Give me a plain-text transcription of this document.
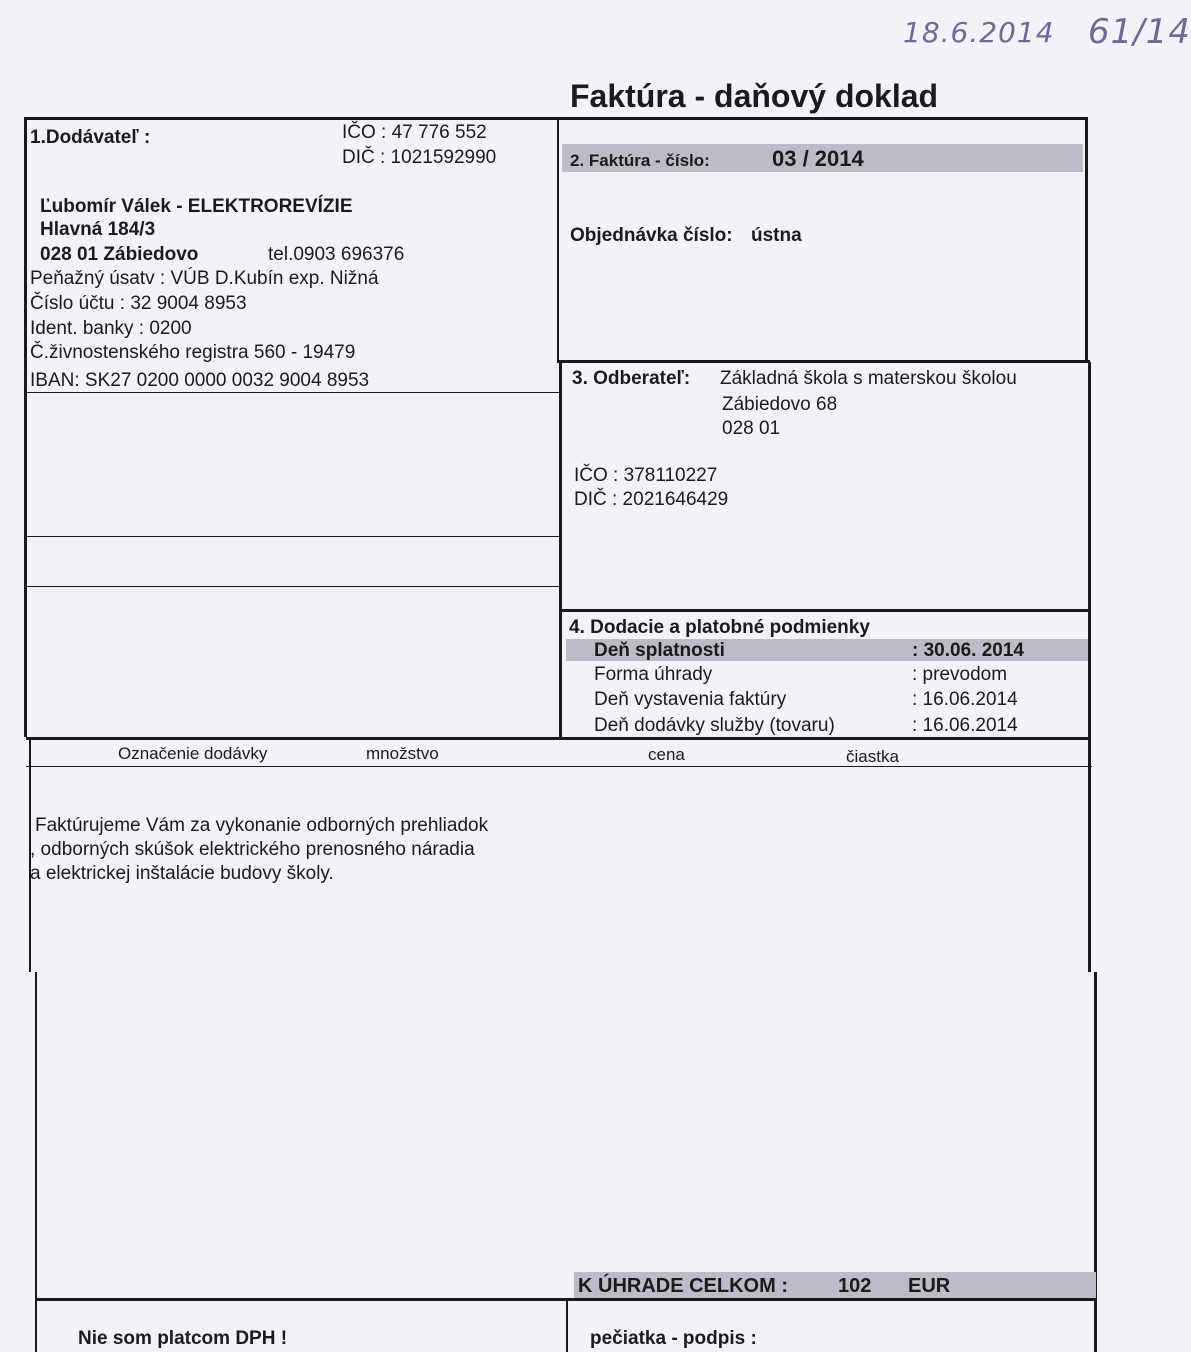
18.6.2014 61/14
Faktúra - daňový doklad
1.Dodávateľ :	IČO : 47 776 552
DIČ : 1021592990
Ľubomír Válek - ELEKTROREVÍZIE
Hlavná 184/3
028 01 Zábiedovo	tel.0903 696376
Peňažný úsatv : VÚB D.Kubín exp. Nižná
Číslo účtu : 32 9004 8953
Ident. banky : 0200
Č.živnostenského registra 560 - 19479
IBAN: SK27 0200 0000 0032 9004 8953
2. Faktúra - číslo:	03 / 2014
Objednávka číslo: ústna
3. Odberateľ: Základná škola s materskou školou
Zábiedovo 68
028 01
IČO : 378110227
DIČ : 2021646429
4. Dodacie a platobné podmienky
Deň splatnosti	: 30.06. 2014
Forma úhrady	: prevodom
Deň vystavenia faktúry	: 16.06.2014
Deň dodávky služby (tovaru)	: 16.06.2014
Označenie dodávky	množstvo	cena	čiastka
Faktúrujeme Vám za vykonanie odborných prehliadok
, odborných skúšok elektrického prenosného náradia
a elektrickej inštalácie budovy školy.
K ÚHRADE CELKOM :	102 EUR
Nie som platcom DPH !	pečiatka - podpis :
